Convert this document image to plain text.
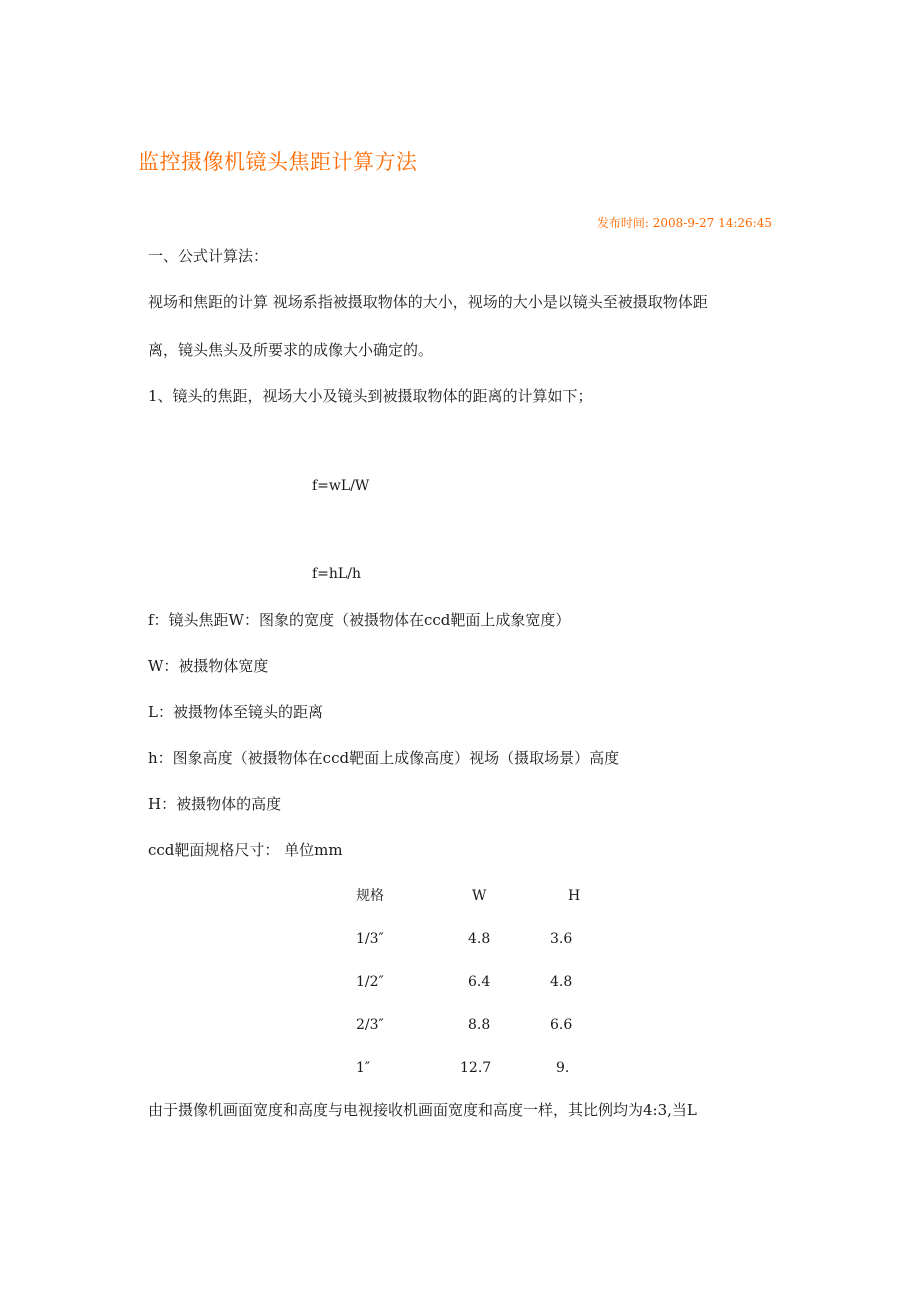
监控摄像机镜头焦距计算方法
发布时间: 2008-9-27 14:26:45
一、公式计算法：
视场和焦距的计算 视场系指被摄取物体的大小，视场的大小是以镜头至被摄取物体距
离，镜头焦头及所要求的成像大小确定的。
1、镜头的焦距，视场大小及镜头到被摄取物体的距离的计算如下；
f=wL/W
f=hL/h
f：镜头焦距W：图象的宽度（被摄物体在ccd靶面上成象宽度）
W：被摄物体宽度
L：被摄物体至镜头的距离
h：图象高度（被摄物体在ccd靶面上成像高度）视场（摄取场景）高度
H：被摄物体的高度
ccd靶面规格尺寸： 单位mm
规格	W	H
1/3″	4.8	3.6
1/2″	6.4	4.8
2/3″	8.8	6.6
1″	12.7	9.
由于摄像机画面宽度和高度与电视接收机画面宽度和高度一样，其比例均为4:3,当L
